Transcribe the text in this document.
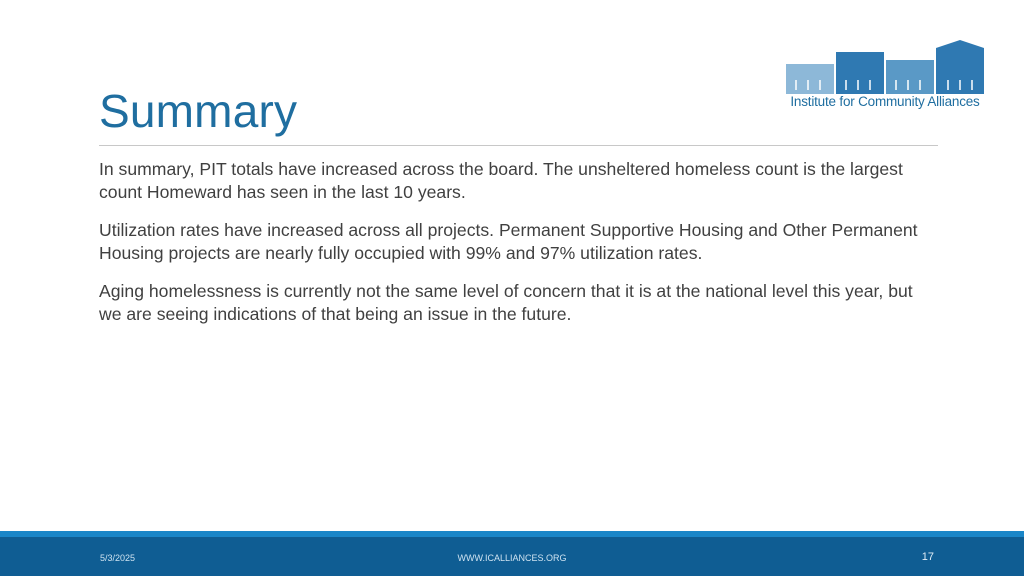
Summary	Institute for Community Alliances

In summary, PIT totals have increased across the board. The unsheltered homeless count is the largest count Homeward has seen in the last 10 years.

Utilization rates have increased across all projects. Permanent Supportive Housing and Other Permanent Housing projects are nearly fully occupied with 99% and 97% utilization rates.

Aging homelessness is currently not the same level of concern that it is at the national level this year, but we are seeing indications of that being an issue in the future.

5/3/2025	WWW.ICALLIANCES.ORG	17
